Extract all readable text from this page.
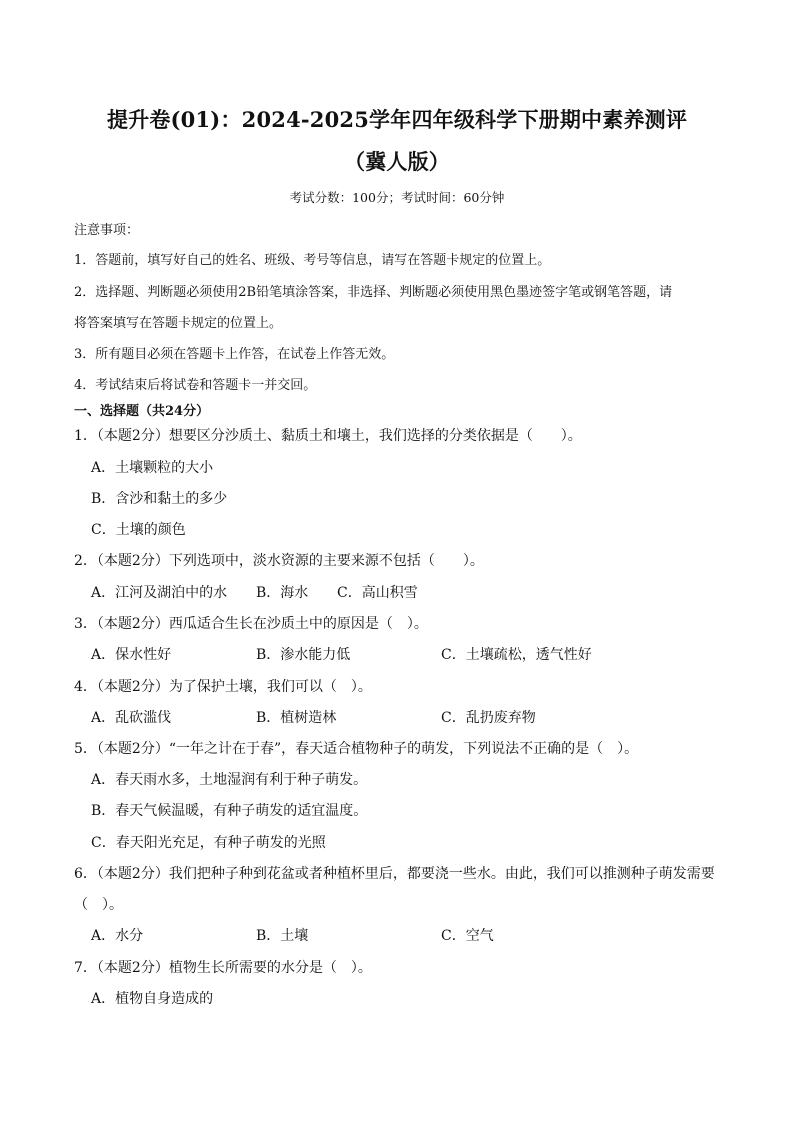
提升卷(01)：2024-2025学年四年级科学下册期中素养测评
（冀人版）
考试分数：100分；考试时间：60分钟
注意事项：
1．答题前，填写好自己的姓名、班级、考号等信息，请写在答题卡规定的位置上。
2．选择题、判断题必须使用2B铅笔填涂答案，非选择、判断题必须使用黑色墨迹签字笔或钢笔答题，请
将答案填写在答题卡规定的位置上。
3．所有题目必须在答题卡上作答，在试卷上作答无效。
4．考试结束后将试卷和答题卡一并交回。
一、选择题（共24分）
1．（本题2分）想要区分沙质土、黏质土和壤土，我们选择的分类依据是（　　）。
A．土壤颗粒的大小
B．含沙和黏土的多少
C．土壤的颜色
2．（本题2分）下列选项中，淡水资源的主要来源不包括（　　）。
A．江河及湖泊中的水 B．海水 C．高山积雪
3．（本题2分）西瓜适合生长在沙质土中的原因是（　）。
A．保水性好	B．渗水能力低	C．土壤疏松，透气性好
4．（本题2分）为了保护土壤，我们可以（　）。
A．乱砍滥伐	B．植树造林	C．乱扔废弃物
5．（本题2分）“一年之计在于春”，春天适合植物种子的萌发，下列说法不正确的是（　）。
A．春天雨水多，土地湿润有利于种子萌发。
B．春天气候温暖，有种子萌发的适宜温度。
C．春天阳光充足，有种子萌发的光照
6．（本题2分）我们把种子种到花盆或者种植杯里后，都要浇一些水。由此，我们可以推测种子萌发需要
（　）。
A．水分	B．土壤	C．空气
7．（本题2分）植物生长所需要的水分是（　）。
A．植物自身造成的
